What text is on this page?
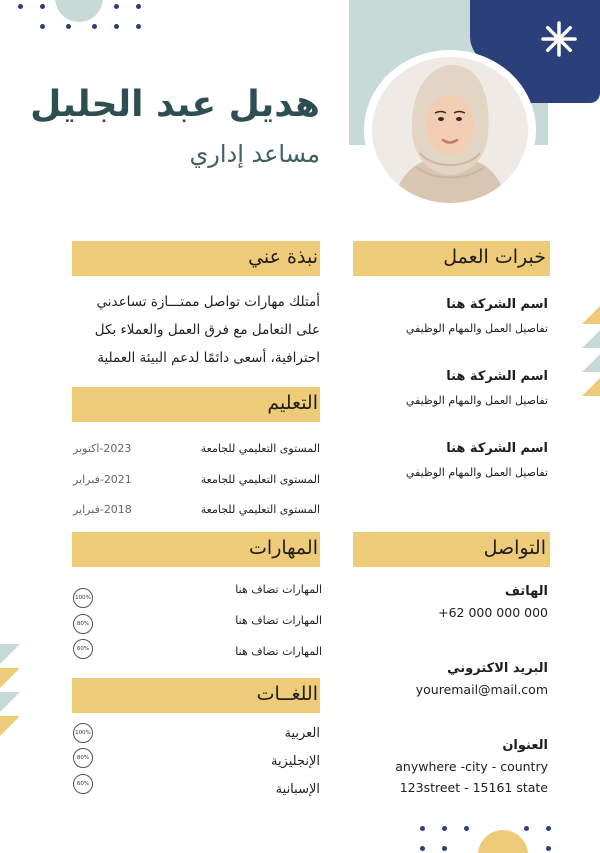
هديل عبد الجليل
مساعد إداري
نبذة عني
أمتلك مهارات تواصل ممتـــازة تساعدني
على التعامل مع فرق العمل والعملاء بكل
احترافية، أسعى دائمًا لدعم البيئة العملية
التعليم
المستوى التعليمي للجامعة
2023-اكتوبر
المستوى التعليمي للجامعة
2021-فبراير
المستوى التعليمي للجامعة
2018-فبراير
المهارات
المهارات تضاف هنا
100%
المهارات تضاف هنا
80%
المهارات تضاف هنا
60%
اللغــات
العربية
100%
الإنجليزية
80%
الإسبانية
60%
خبرات العمل
اسم الشركة هنا
تفاصيل العمل والمهام الوظيفي
اسم الشركة هنا
تفاصيل العمل والمهام الوظيفي
اسم الشركة هنا
تفاصيل العمل والمهام الوظيفي
التواصل
الهاتف
+62 000 000 000
البريد الاكتروني
youremail@mail.com
العنوان
anywhere -city - country
123street - 15161 state
